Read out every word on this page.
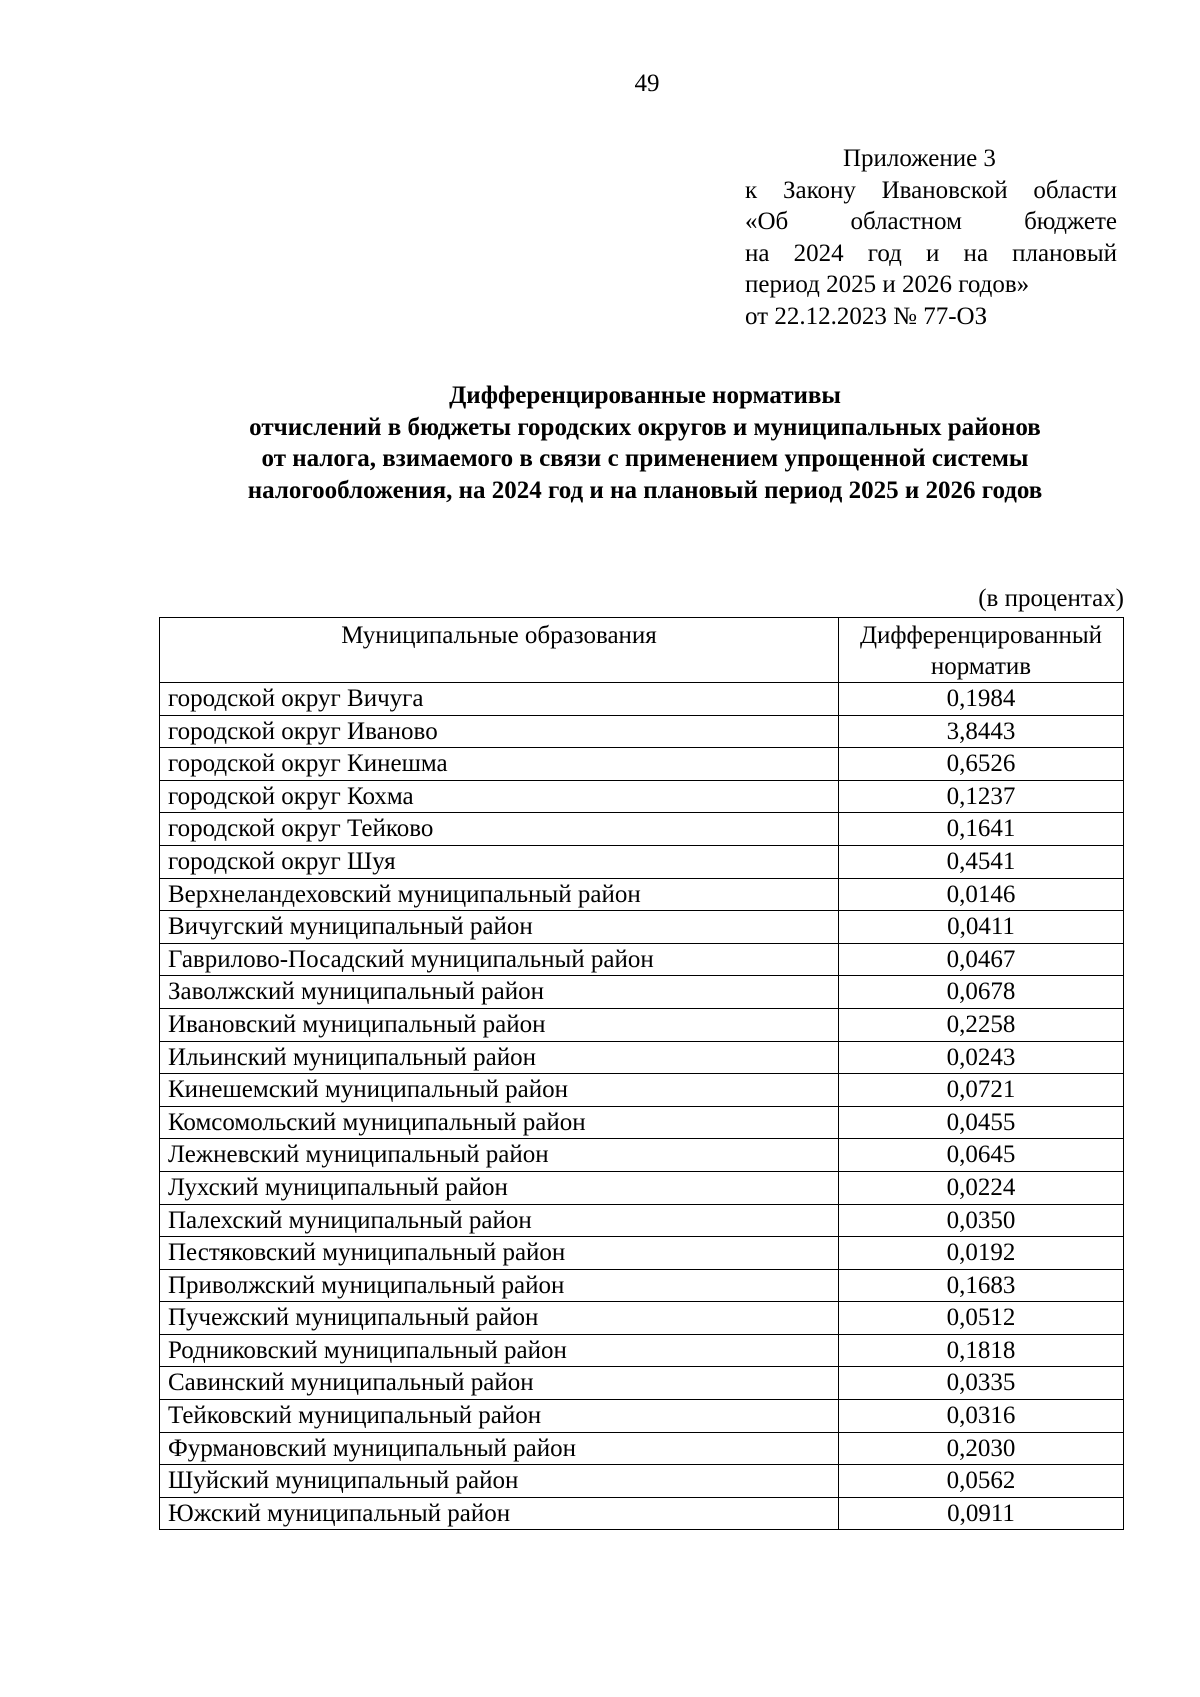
49
Приложение 3
к Закону Ивановской области
«Об областном бюджете
на 2024 год и на плановый
период 2025 и 2026 годов»
от 22.12.2023 № 77-ОЗ
Дифференцированные нормативы
отчислений в бюджеты городских округов и муниципальных районов
от налога, взимаемого в связи с применением упрощенной системы
налогообложения, на 2024 год и на плановый период 2025 и 2026 годов
(в процентах)
Муниципальные образования	Дифференцированный норматив
городской округ Вичуга	0,1984
городской округ Иваново	3,8443
городской округ Кинешма	0,6526
городской округ Кохма	0,1237
городской округ Тейково	0,1641
городской округ Шуя	0,4541
Верхнеландеховский муниципальный район	0,0146
Вичугский муниципальный район	0,0411
Гаврилово-Посадский муниципальный район	0,0467
Заволжский муниципальный район	0,0678
Ивановский муниципальный район	0,2258
Ильинский муниципальный район	0,0243
Кинешемский муниципальный район	0,0721
Комсомольский муниципальный район	0,0455
Лежневский муниципальный район	0,0645
Лухский муниципальный район	0,0224
Палехский муниципальный район	0,0350
Пестяковский муниципальный район	0,0192
Приволжский муниципальный район	0,1683
Пучежский муниципальный район	0,0512
Родниковский муниципальный район	0,1818
Савинский муниципальный район	0,0335
Тейковский муниципальный район	0,0316
Фурмановский муниципальный район	0,2030
Шуйский муниципальный район	0,0562
Южский муниципальный район	0,0911
